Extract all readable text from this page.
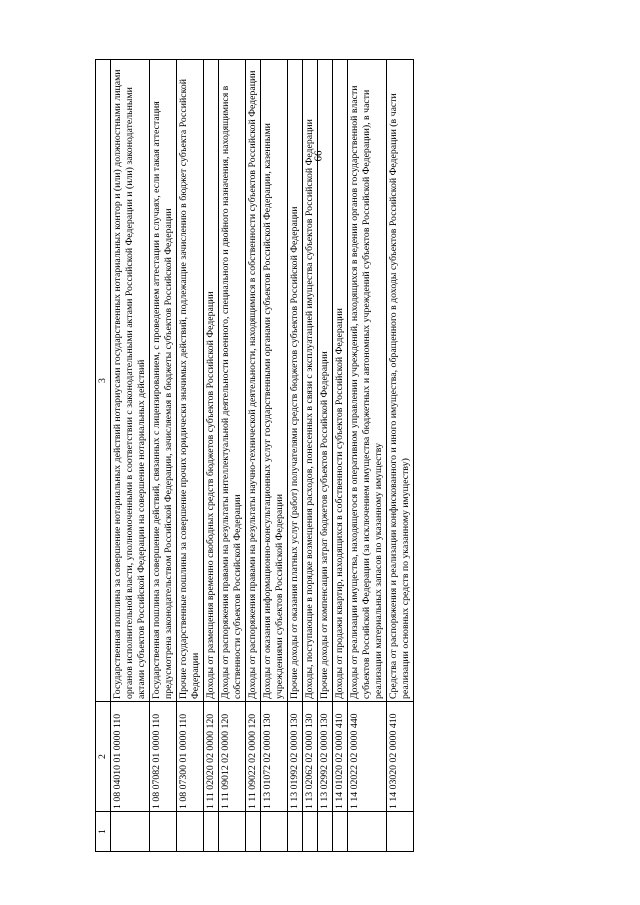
66
1	2	3
	1 08 04010 01 0000 110	Государственная пошлина за совершение нотариальных действий нотариусами государственных нотариальных контор и (или) должностными лицами органов исполнительной власти, уполномоченными в соответствии с законодательными актами Российской Федерации и (или) законодательными актами субъектов Российской Федерации на совершение нотариальных действий
	1 08 07082 01 0000 110	Государственная пошлина за совершение действий, связанных с лицензированием, с проведением аттестации в случаях, если такая аттестация предусмотрена законодательством Российской Федерации, зачисляемая в бюджеты субъектов Российской Федерации
	1 08 07300 01 0000 110	Прочие государственные пошлины за совершение прочих юридически значимых действий, подлежащие зачислению в бюджет субъекта Российской Федерации
	1 11 02020 02 0000 120	Доходы от размещения временно свободных средств бюджетов субъектов Российской Федерации
	1 11 09012 02 0000 120	Доходы от распоряжения правами на результаты интеллектуальной деятельности военного, специального и двойного назначения, находящимися в собственности субъектов Российской Федерации
	1 11 09022 02 0000 120	Доходы от распоряжения правами на результаты научно-технической деятельности, находящимися в собственности субъектов Российской Федерации
	1 13 01072 02 0000 130	Доходы от оказания информационно-консультационных услуг государственными органами субъектов Российской Федерации, казенными учреждениями субъектов Российской Федерации
	1 13 01992 02 0000 130	Прочие доходы от оказания платных услуг (работ) получателями средств бюджетов субъектов Российской Федерации
	1 13 02062 02 0000 130	Доходы, поступающие в порядке возмещения расходов, понесенных в связи с эксплуатацией имущества субъектов Российской Федерации
	1 13 02992 02 0000 130	Прочие доходы от компенсации затрат бюджетов субъектов Российской Федерации
	1 14 01020 02 0000 410	Доходы от продажи квартир, находящихся в собственности субъектов Российской Федерации
	1 14 02022 02 0000 440	Доходы от реализации имущества, находящегося в оперативном управлении учреждений, находящихся в ведении органов государственной власти субъектов Российской Федерации (за исключением имущества бюджетных и автономных учреждений субъектов Российской Федерации), в части реализации материальных запасов по указанному имуществу
	1 14 03020 02 0000 410	Средства от распоряжения и реализации конфискованного и иного имущества, обращенного в доходы субъектов Российской Федерации (в части реализации основных средств по указанному имуществу)
